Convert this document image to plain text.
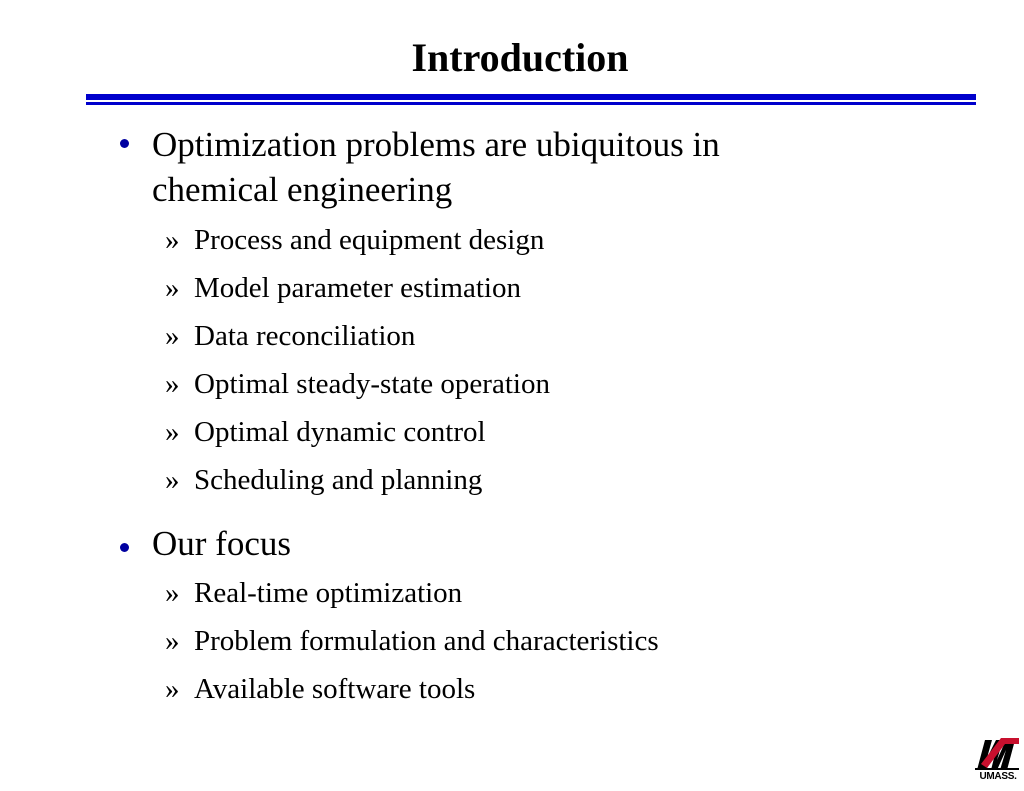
Introduction

Optimization problems are ubiquitous in
chemical engineering

» Process and equipment design
» Model parameter estimation
» Data reconciliation
» Optimal steady-state operation
» Optimal dynamic control
» Scheduling and planning

Our focus

» Real-time optimization
» Problem formulation and characteristics
» Available software tools
UMASS.
